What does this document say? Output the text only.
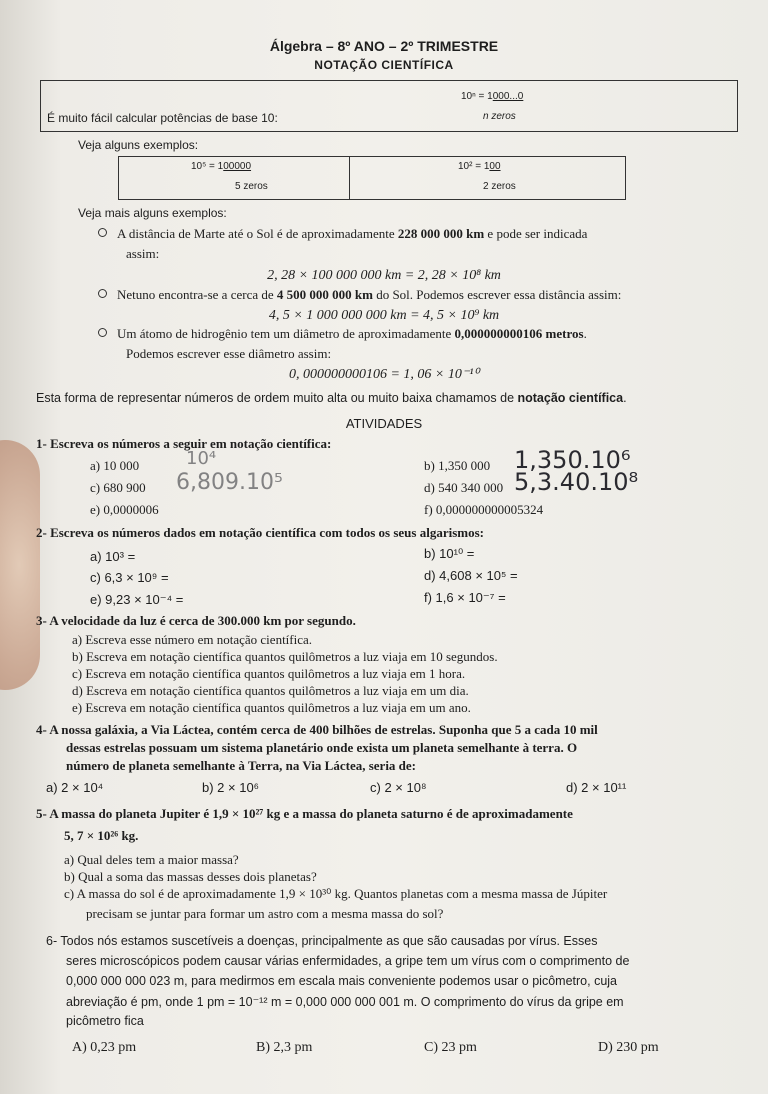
Álgebra – 8º ANO – 2º TRIMESTRE
NOTAÇÃO CIENTÍFICA
É muito fácil calcular potências de base 10:
10ⁿ = 1000...0
n zeros
Veja alguns exemplos:
10⁵ = 100000
5 zeros
10² = 100
2 zeros
Veja mais alguns exemplos:
A distância de Marte até o Sol é de aproximadamente 228 000 000 km e pode ser indicada
assim:
2, 28 × 100 000 000 km = 2, 28 × 10⁸ km
Netuno encontra-se a cerca de 4 500 000 000 km do Sol. Podemos escrever essa distância assim:
4, 5 × 1 000 000 000 km = 4, 5 × 10⁹ km
Um átomo de hidrogênio tem um diâmetro de aproximadamente 0,000000000106 metros.
Podemos escrever esse diâmetro assim:
0, 000000000106 = 1, 06 × 10⁻¹⁰
Esta forma de representar números de ordem muito alta ou muito baixa chamamos de notação científica.
ATIVIDADES
1- Escreva os números a seguir em notação científica:
a) 10 000	10⁴	b) 1,350 000 1,350.10⁶
c) 680 900 6,809.10⁵	d) 540 340 000 5,3.40.10⁸
e) 0,0000006	f) 0,000000000005324
2- Escreva os números dados em notação científica com todos os seus algarismos:
a) 10³ =	b) 10¹⁰ =
c) 6,3 × 10⁹ =	d) 4,608 × 10⁵ =
e) 9,23 × 10⁻⁴ =	f) 1,6 × 10⁻⁷ =
3- A velocidade da luz é cerca de 300.000 km por segundo.
a) Escreva esse número em notação científica.
b) Escreva em notação científica quantos quilômetros a luz viaja em 10 segundos.
c) Escreva em notação científica quantos quilômetros a luz viaja em 1 hora.
d) Escreva em notação científica quantos quilômetros a luz viaja em um dia.
e) Escreva em notação científica quantos quilômetros a luz viaja em um ano.
4- A nossa galáxia, a Via Láctea, contém cerca de 400 bilhões de estrelas. Suponha que 5 a cada 10 mil
dessas estrelas possuam um sistema planetário onde exista um planeta semelhante à terra. O
número de planeta semelhante à Terra, na Via Láctea, seria de:
a) 2 × 10⁴	b) 2 × 10⁶	c) 2 × 10⁸	d) 2 × 10¹¹
5- A massa do planeta Jupiter é 1,9 × 10²⁷ kg e a massa do planeta saturno é de aproximadamente
5, 7 × 10²⁶ kg.
a) Qual deles tem a maior massa?
b) Qual a soma das massas desses dois planetas?
c) A massa do sol é de aproximadamente 1,9 × 10³⁰ kg. Quantos planetas com a mesma massa de Júpiter
precisam se juntar para formar um astro com a mesma massa do sol?
6- Todos nós estamos suscetíveis a doenças, principalmente as que são causadas por vírus. Esses
seres microscópicos podem causar várias enfermidades, a gripe tem um vírus com o comprimento de
0,000 000 000 023 m, para medirmos em escala mais conveniente podemos usar o picômetro, cuja
abreviação é pm, onde 1 pm = 10⁻¹² m = 0,000 000 000 001 m. O comprimento do vírus da gripe em
picômetro fica
A) 0,23 pm	B) 2,3 pm	C) 23 pm	D) 230 pm
